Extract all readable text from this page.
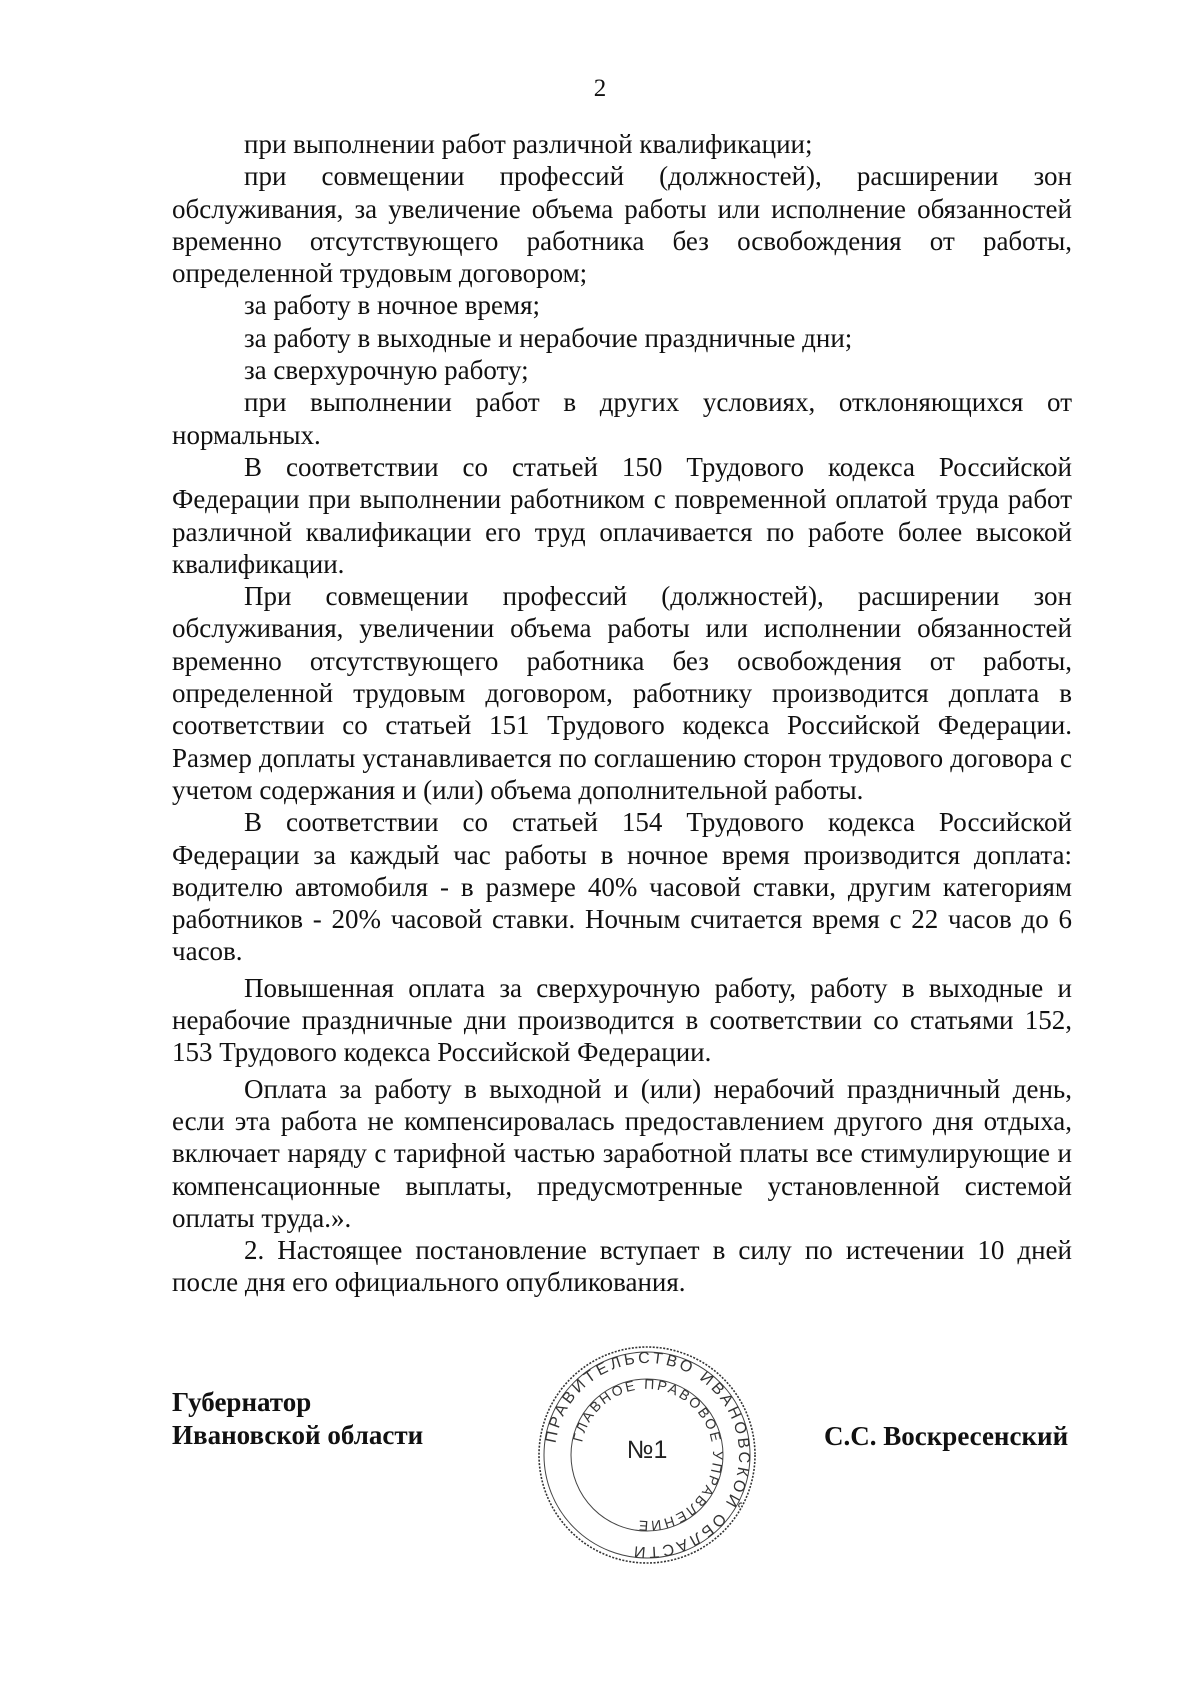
2

при выполнении работ различной квалификации;

при совмещении профессий (должностей), расширении зон обслуживания, за увеличение объема работы или исполнение обязанностей временно отсутствующего работника без освобождения от работы, определенной трудовым договором;

за работу в ночное время;

за работу в выходные и нерабочие праздничные дни;

за сверхурочную работу;

при выполнении работ в других условиях, отклоняющихся от нормальных.

В соответствии со статьей 150 Трудового кодекса Российской Федерации при выполнении работником с повременной оплатой труда работ различной квалификации его труд оплачивается по работе более высокой квалификации.

При совмещении профессий (должностей), расширении зон обслуживания, увеличении объема работы или исполнении обязанностей временно отсутствующего работника без освобождения от работы, определенной трудовым договором, работнику производится доплата в соответствии со статьей 151 Трудового кодекса Российской Федерации. Размер доплаты устанавливается по соглашению сторон трудового договора с учетом содержания и (или) объема дополнительной работы.

В соответствии со статьей 154 Трудового кодекса Российской Федерации за каждый час работы в ночное время производится доплата: водителю автомобиля - в размере 40% часовой ставки, другим категориям работников - 20% часовой ставки. Ночным считается время с 22 часов до 6 часов.

Повышенная оплата за сверхурочную работу, работу в выходные и нерабочие праздничные дни производится в соответствии со статьями 152, 153 Трудового кодекса Российской Федерации.

Оплата за работу в выходной и (или) нерабочий праздничный день, если эта работа не компенсировалась предоставлением другого дня отдыха, включает наряду с тарифной частью заработной платы все стимулирующие и компенсационные выплаты, предусмотренные установленной системой оплаты труда.».

2. Настоящее постановление вступает в силу по истечении 10 дней после дня его официального опубликования.

Губернатор
Ивановской области	ПРАВИТЕЛЬСТВО ИВАНОВСКОЙ ОБЛАСТИ
ГЛАВНОЕ ПРАВОВОЕ УПРАВЛЕНИЕ
№1	С.С. Воскресенский
